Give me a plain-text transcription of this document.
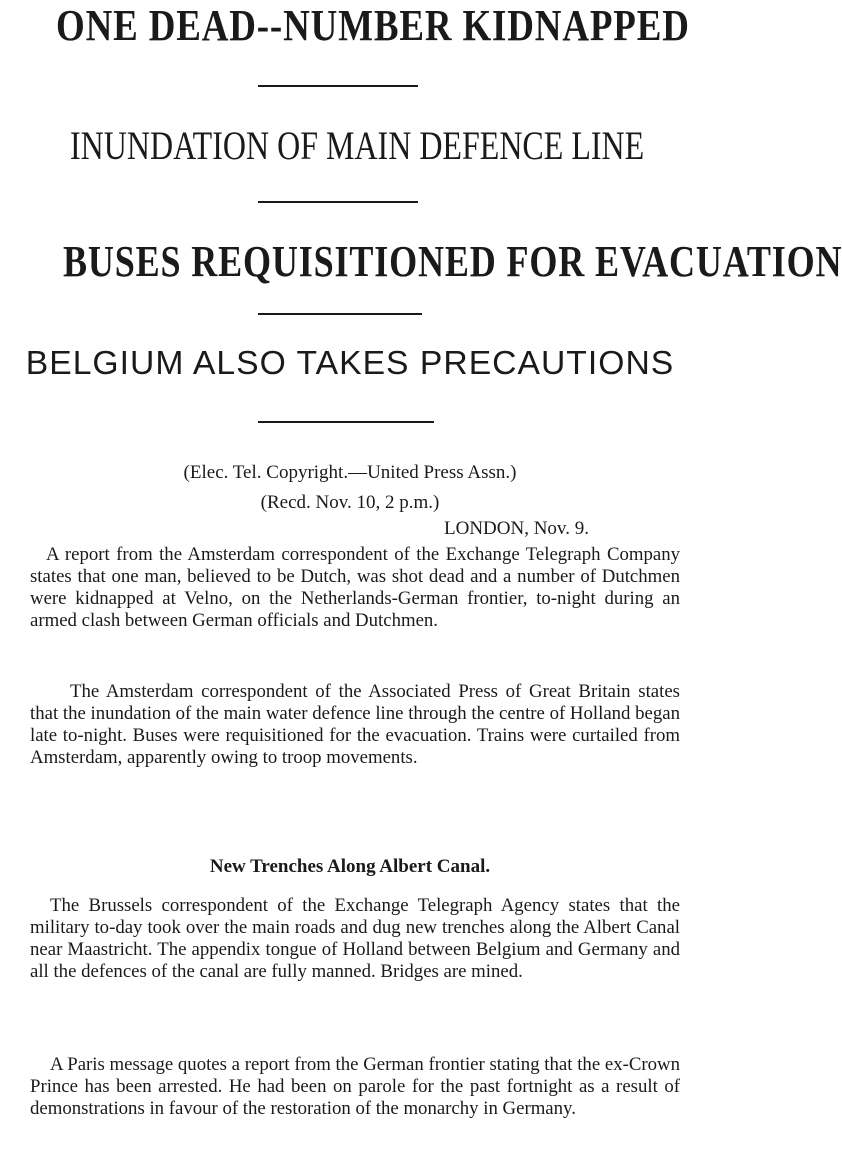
ONE DEAD--NUMBER KIDNAPPED
INUNDATION OF MAIN DEFENCE LINE
BUSES REQUISITIONED FOR EVACUATION
BELGIUM ALSO TAKES PRECAUTIONS
(Elec. Tel. Copyright.—United Press Assn.)
(Recd. Nov. 10, 2 p.m.)
LONDON, Nov. 9.

A report from the Amsterdam correspondent of the Exchange Telegraph Company states that one man, believed to be Dutch, was shot dead and a number of Dutchmen were kidnapped at Velno, on the Netherlands-German frontier, to-night during an armed clash between German officials and Dutchmen.

The Amsterdam correspondent of the Associated Press of Great Britain states that the inundation of the main water defence line through the centre of Holland began late to-night. Buses were requisitioned for the evacuation. Trains were curtailed from Amsterdam, apparently owing to troop movements.

New Trenches Along Albert Canal.

The Brussels correspondent of the Exchange Telegraph Agency states that the military to-day took over the main roads and dug new trenches along the Albert Canal near Maastricht. The appendix tongue of Holland between Belgium and Germany and all the defences of the canal are fully manned. Bridges are mined.

A Paris message quotes a report from the German frontier stating that the ex-Crown Prince has been arrested. He had been on parole for the past fortnight as a result of demonstrations in favour of the restoration of the monarchy in Germany.
